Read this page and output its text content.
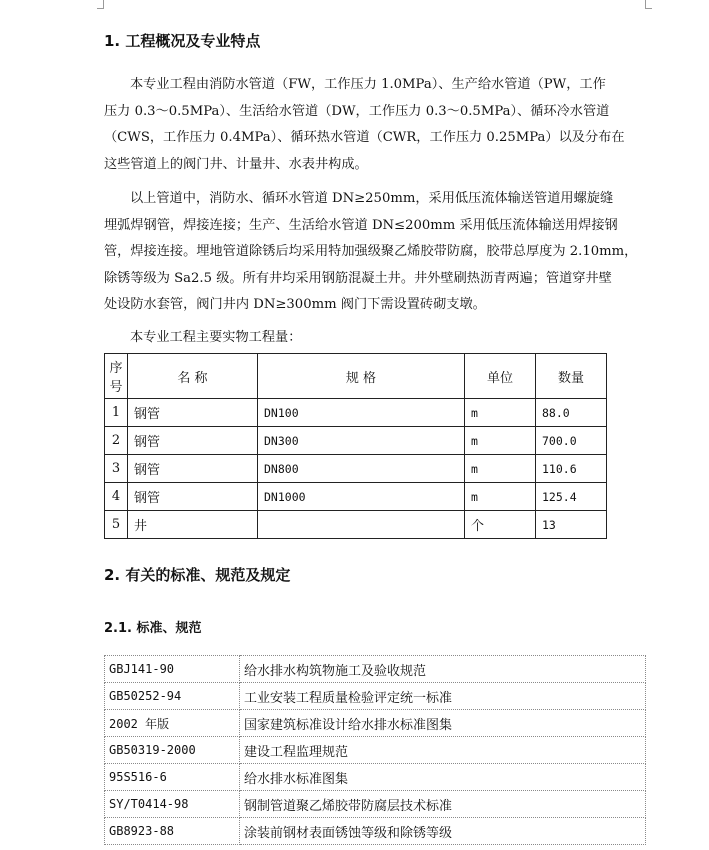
1. 工程概况及专业特点
本专业工程由消防水管道（FW，工作压力 1.0MPa）、生产给水管道（PW，工作
压力 0.3～0.5MPa）、生活给水管道（DW，工作压力 0.3～0.5MPa）、循环冷水管道
（CWS，工作压力 0.4MPa）、循环热水管道（CWR，工作压力 0.25MPa）以及分布在
这些管道上的阀门井、计量井、水表井构成。
以上管道中，消防水、循环水管道 DN≥250mm，采用低压流体输送管道用螺旋缝
埋弧焊钢管，焊接连接；生产、生活给水管道 DN≤200mm 采用低压流体输送用焊接钢
管，焊接连接。埋地管道除锈后均采用特加强级聚乙烯胶带防腐，胶带总厚度为 2.10mm，
除锈等级为 Sa2.5 级。所有井均采用钢筋混凝土井。井外壁刷热沥青两遍；管道穿井壁
处设防水套管，阀门井内 DN≥300mm 阀门下需设置砖砌支墩。
本专业工程主要实物工程量：
序
号	名 称	规 格	单位	数量
1	钢管	DN100	m	88.0
2	钢管	DN300	m	700.0
3	钢管	DN800	m	110.6
4	钢管	DN1000	m	125.4
5	井		个	13
2. 有关的标准、规范及规定
2.1. 标准、规范
GBJ141-90	给水排水构筑物施工及验收规范
GB50252-94	工业安装工程质量检验评定统一标准
2002 年版	国家建筑标准设计给水排水标准图集
GB50319-2000	建设工程监理规范
95S516-6	给水排水标准图集
SY/T0414-98	钢制管道聚乙烯胶带防腐层技术标准
GB8923-88	涂装前钢材表面锈蚀等级和除锈等级
